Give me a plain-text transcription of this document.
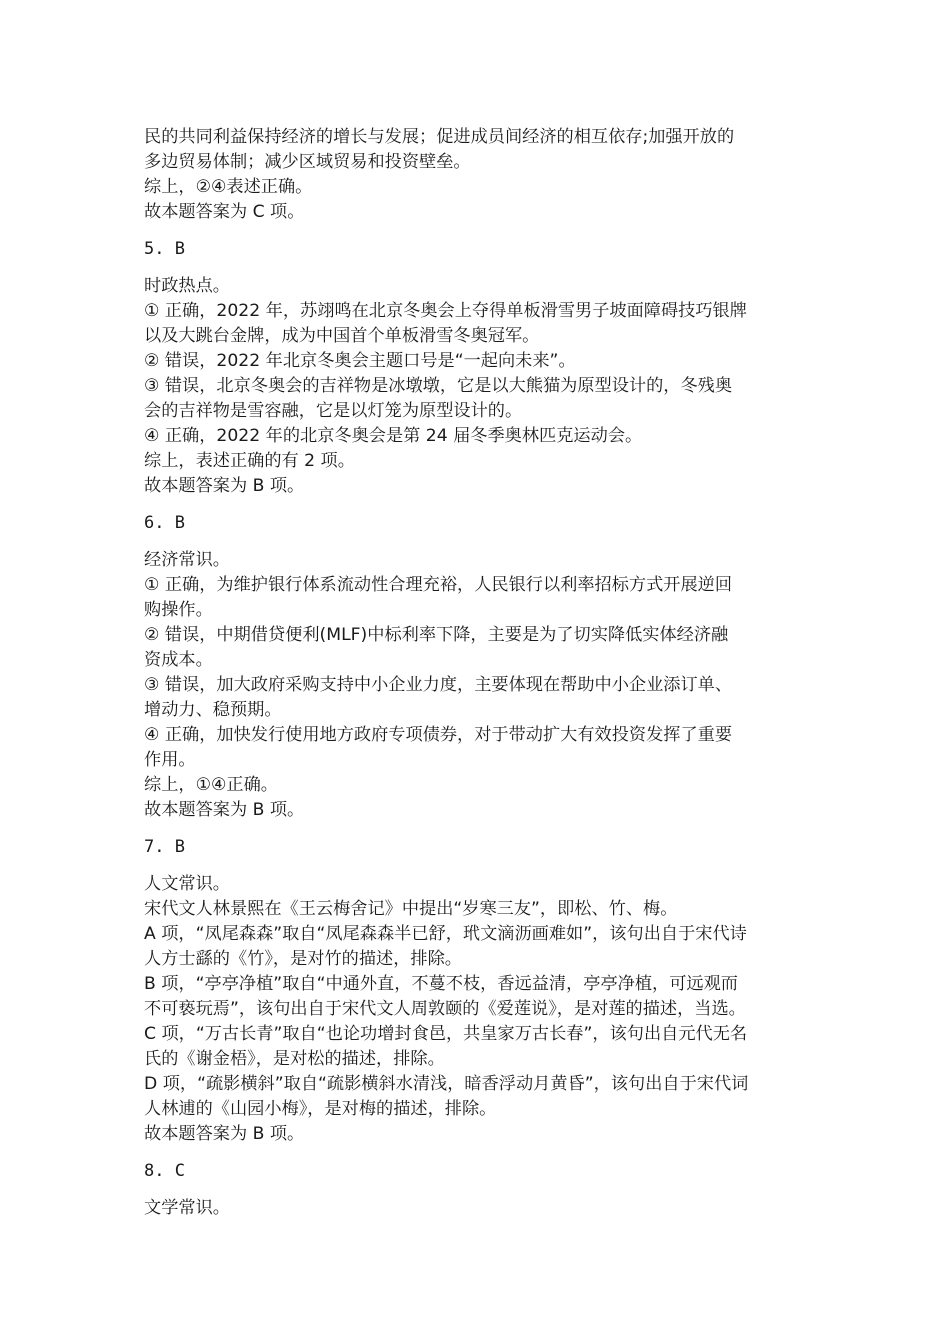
民的共同利益保持经济的增长与发展；促进成员间经济的相互依存;加强开放的
多边贸易体制；减少区域贸易和投资壁垒。
综上，②④表述正确。
故本题答案为 C 项。
5. B
时政热点。
① 正确，2022 年，苏翊鸣在北京冬奥会上夺得单板滑雪男子坡面障碍技巧银牌
以及大跳台金牌，成为中国首个单板滑雪冬奥冠军。
② 错误，2022 年北京冬奥会主题口号是“一起向未来”。
③ 错误，北京冬奥会的吉祥物是冰墩墩，它是以大熊猫为原型设计的，冬残奥
会的吉祥物是雪容融，它是以灯笼为原型设计的。
④ 正确，2022 年的北京冬奥会是第 24 届冬季奥林匹克运动会。
综上，表述正确的有 2 项。
故本题答案为 B 项。
6. B
经济常识。
① 正确，为维护银行体系流动性合理充裕，人民银行以利率招标方式开展逆回
购操作。
② 错误，中期借贷便利(MLF)中标利率下降，主要是为了切实降低实体经济融
资成本。
③ 错误，加大政府采购支持中小企业力度，主要体现在帮助中小企业添订单、
增动力、稳预期。
④ 正确，加快发行使用地方政府专项债券，对于带动扩大有效投资发挥了重要
作用。
综上，①④正确。
故本题答案为 B 项。
7. B
人文常识。
宋代文人林景熙在《王云梅舍记》中提出“岁寒三友”，即松、竹、梅。
A 项，“凤尾森森”取自“凤尾森森半已舒，玳文滴沥画难如”，该句出自于宋代诗
人方士繇的《竹》，是对竹的描述，排除。
B 项，“亭亭净植”取自“中通外直，不蔓不枝，香远益清，亭亭净植，可远观而
不可亵玩焉”，该句出自于宋代文人周敦颐的《爱莲说》，是对莲的描述，当选。
C 项，“万古长青”取自“也论功增封食邑，共皇家万古长春”，该句出自元代无名
氏的《谢金梧》，是对松的描述，排除。
D 项，“疏影横斜”取自“疏影横斜水清浅，暗香浮动月黄昏”，该句出自于宋代词
人林逋的《山园小梅》，是对梅的描述，排除。
故本题答案为 B 项。
8. C
文学常识。
